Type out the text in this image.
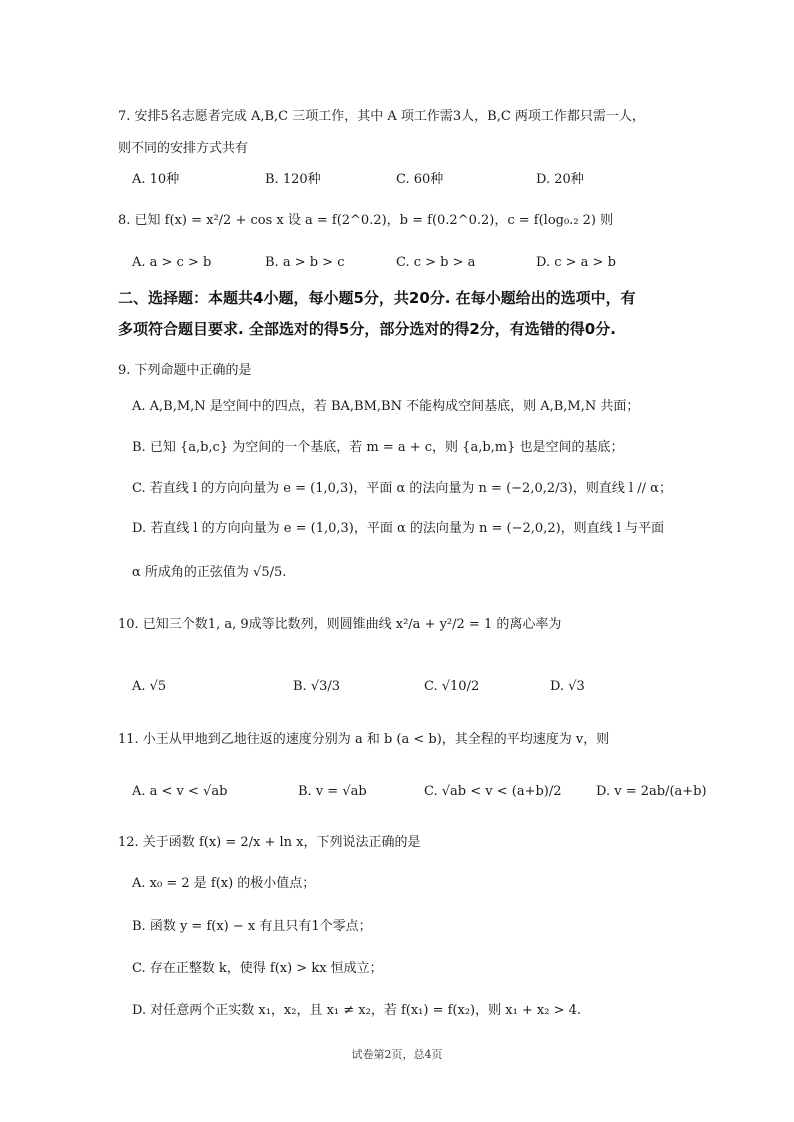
7. 安排5名志愿者完成 A,B,C 三项工作，其中 A 项工作需3人，B,C 两项工作都只需一人，
则不同的安排方式共有
A. 10种	B. 120种	C. 60种	D. 20种
8. 已知 f(x) = x²/2 + cos x 设 a = f(2^0.2)，b = f(0.2^0.2)，c = f(log₀.₂ 2) 则
A. a > c > b	B. a > b > c	C. c > b > a	D. c > a > b
二、选择题：本题共4小题，每小题5分，共20分. 在每小题给出的选项中，有
多项符合题目要求. 全部选对的得5分，部分选对的得2分，有选错的得0分.
9. 下列命题中正确的是
A. A,B,M,N 是空间中的四点，若 BA,BM,BN 不能构成空间基底，则 A,B,M,N 共面；
B. 已知 {a,b,c} 为空间的一个基底，若 m = a + c，则 {a,b,m} 也是空间的基底；
C. 若直线 l 的方向向量为 e = (1,0,3)，平面 α 的法向量为 n = (−2,0,2/3)，则直线 l // α；
D. 若直线 l 的方向向量为 e = (1,0,3)，平面 α 的法向量为 n = (−2,0,2)，则直线 l 与平面
α 所成角的正弦值为 √5/5.
10. 已知三个数1, a, 9成等比数列，则圆锥曲线 x²/a + y²/2 = 1 的离心率为
A. √5	B. √3/3	C. √10/2	D. √3
11. 小王从甲地到乙地往返的速度分别为 a 和 b (a < b)，其全程的平均速度为 v，则
A. a < v < √ab	B. v = √ab	C. √ab < v < (a+b)/2	D. v = 2ab/(a+b)
12. 关于函数 f(x) = 2/x + ln x，下列说法正确的是
A. x₀ = 2 是 f(x) 的极小值点；
B. 函数 y = f(x) − x 有且只有1个零点；
C. 存在正整数 k，使得 f(x) > kx 恒成立；
D. 对任意两个正实数 x₁，x₂，且 x₁ ≠ x₂，若 f(x₁) = f(x₂)，则 x₁ + x₂ > 4.
试卷第2页，总4页
